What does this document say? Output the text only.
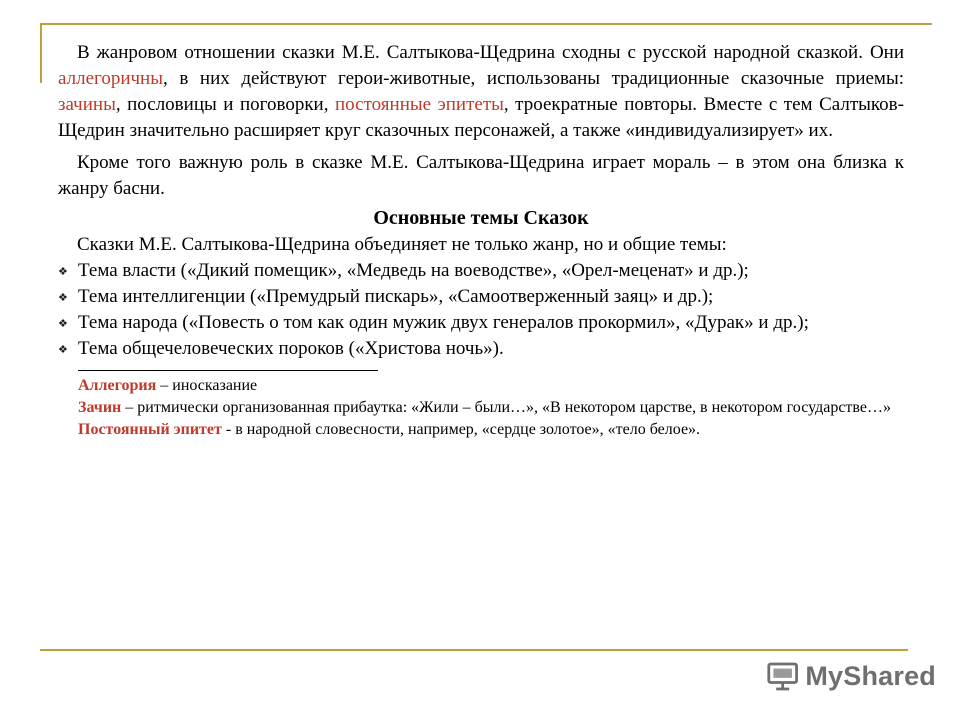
В жанровом отношении сказки М.Е. Салтыкова-Щедрина сходны с русской народной сказкой. Они аллегоричны, в них действуют герои-животные, использованы традиционные сказочные приемы: зачины, пословицы и поговорки, постоянные эпитеты, троекратные повторы. Вместе с тем Салтыков-Щедрин значительно расширяет круг сказочных персонажей, а также «индивидуализирует» их.

Кроме того важную роль в сказке М.Е. Салтыкова-Щедрина играет мораль – в этом она близка к жанру басни.

Основные темы Сказок

Сказки М.Е. Салтыкова-Щедрина объединяет не только жанр, но и общие темы:

❖ Тема власти («Дикий помещик», «Медведь на воеводстве», «Орел-меценат» и др.);

❖ Тема интеллигенции («Премудрый пискарь», «Самоотверженный заяц» и др.);

❖ Тема народа («Повесть о том как один мужик двух генералов прокормил», «Дурак» и др.);

❖ Тема общечеловеческих пороков («Христова ночь»).

Аллегория – иносказание

Зачин – ритмически организованная прибаутка: «Жили – были…», «В некотором царстве, в некотором государстве…»

Постоянный эпитет - в народной словесности, например, «сердце золотое», «тело белое».

MyShared
